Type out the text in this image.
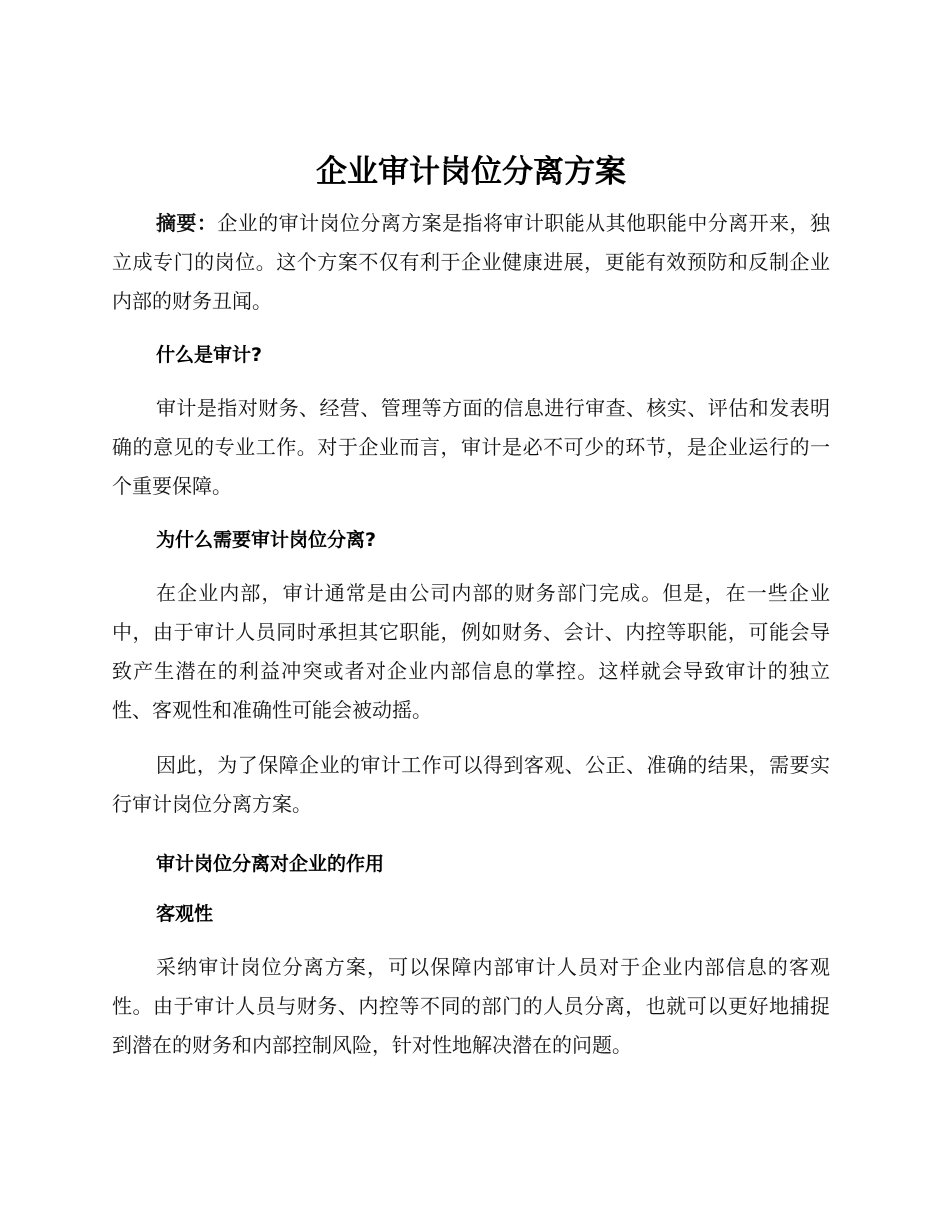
企业审计岗位分离方案

摘要：企业的审计岗位分离方案是指将审计职能从其他职能中分离开来，独立成专门的岗位。这个方案不仅有利于企业健康进展，更能有效预防和反制企业内部的财务丑闻。

什么是审计?

审计是指对财务、经营、管理等方面的信息进行审查、核实、评估和发表明确的意见的专业工作。对于企业而言，审计是必不可少的环节，是企业运行的一个重要保障。

为什么需要审计岗位分离?

在企业内部，审计通常是由公司内部的财务部门完成。但是，在一些企业中，由于审计人员同时承担其它职能，例如财务、会计、内控等职能，可能会导致产生潜在的利益冲突或者对企业内部信息的掌控。这样就会导致审计的独立性、客观性和准确性可能会被动摇。

因此，为了保障企业的审计工作可以得到客观、公正、准确的结果，需要实行审计岗位分离方案。

审计岗位分离对企业的作用
客观性

采纳审计岗位分离方案，可以保障内部审计人员对于企业内部信息的客观性。由于审计人员与财务、内控等不同的部门的人员分离，也就可以更好地捕捉到潜在的财务和内部控制风险，针对性地解决潜在的问题。
